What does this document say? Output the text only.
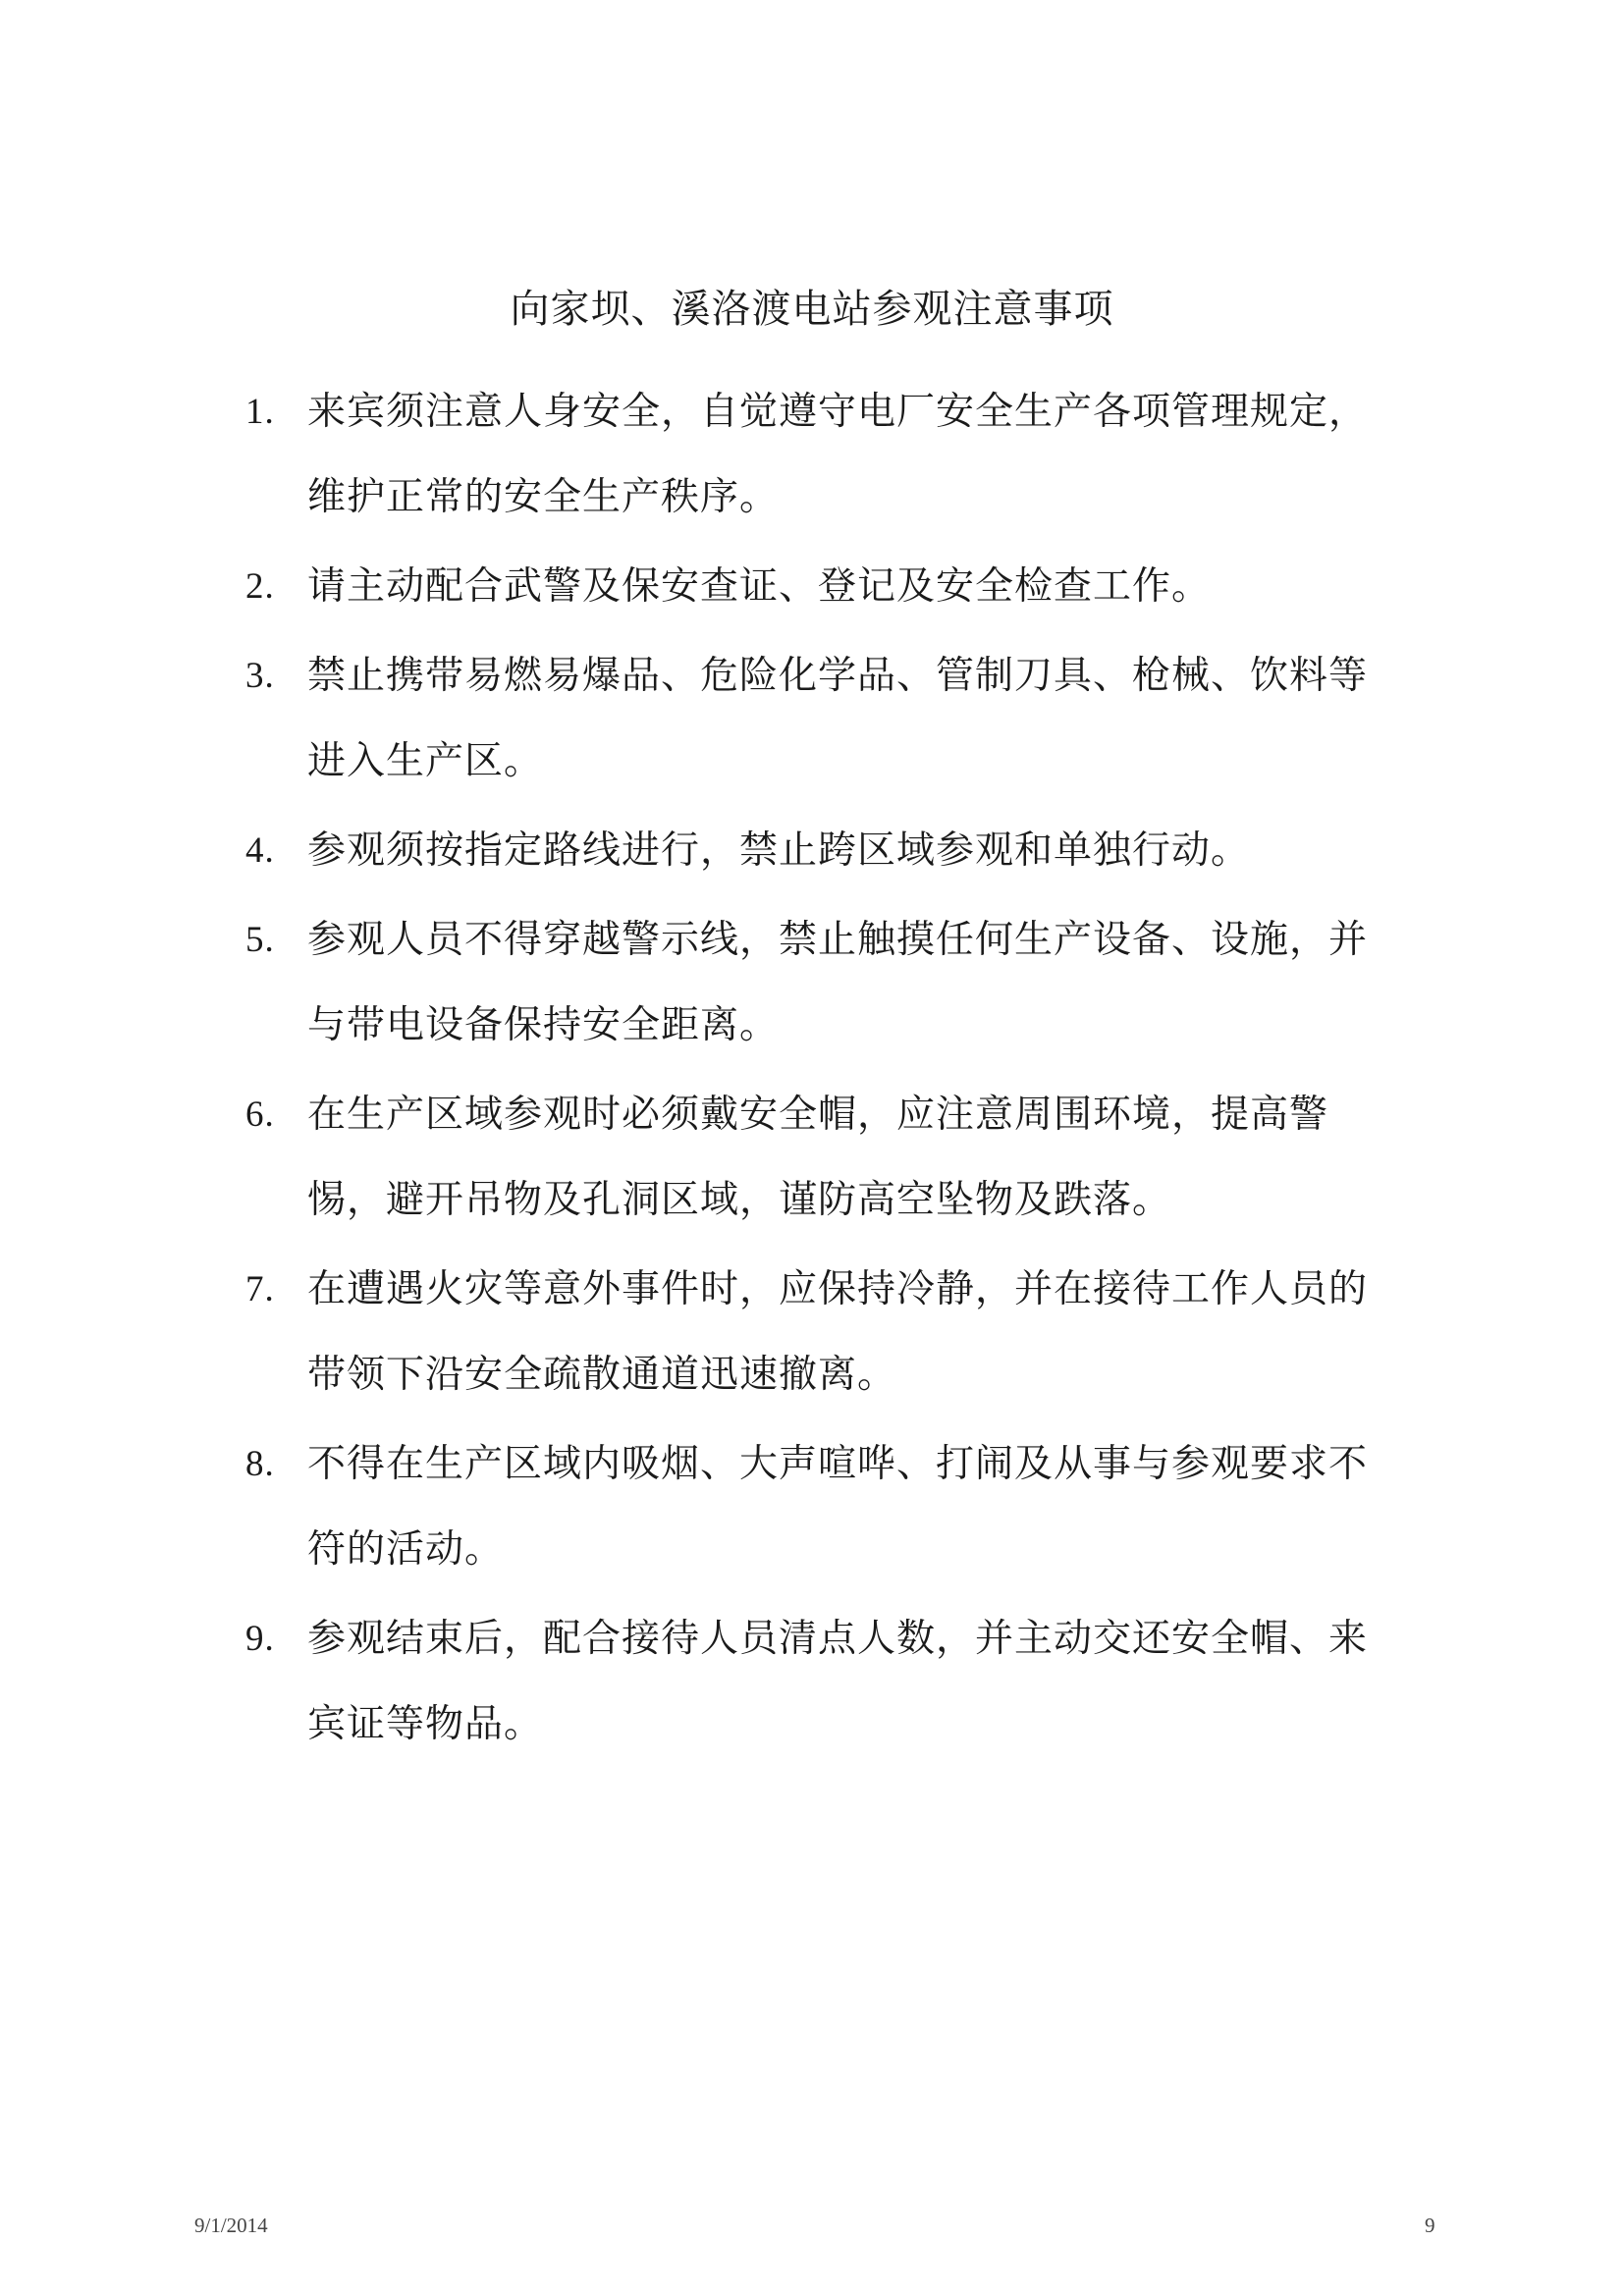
向家坝、溪洛渡电站参观注意事项
1. 来宾须注意人身安全，自觉遵守电厂安全生产各项管理规定，维护正常的安全生产秩序。
2. 请主动配合武警及保安查证、登记及安全检查工作。
3. 禁止携带易燃易爆品、危险化学品、管制刀具、枪械、饮料等进入生产区。
4. 参观须按指定路线进行，禁止跨区域参观和单独行动。
5. 参观人员不得穿越警示线，禁止触摸任何生产设备、设施，并与带电设备保持安全距离。
6. 在生产区域参观时必须戴安全帽，应注意周围环境，提高警惕，避开吊物及孔洞区域，谨防高空坠物及跌落。
7. 在遭遇火灾等意外事件时，应保持冷静，并在接待工作人员的带领下沿安全疏散通道迅速撤离。
8. 不得在生产区域内吸烟、大声喧哗、打闹及从事与参观要求不符的活动。
9. 参观结束后，配合接待人员清点人数，并主动交还安全帽、来宾证等物品。
9/1/2014	9
